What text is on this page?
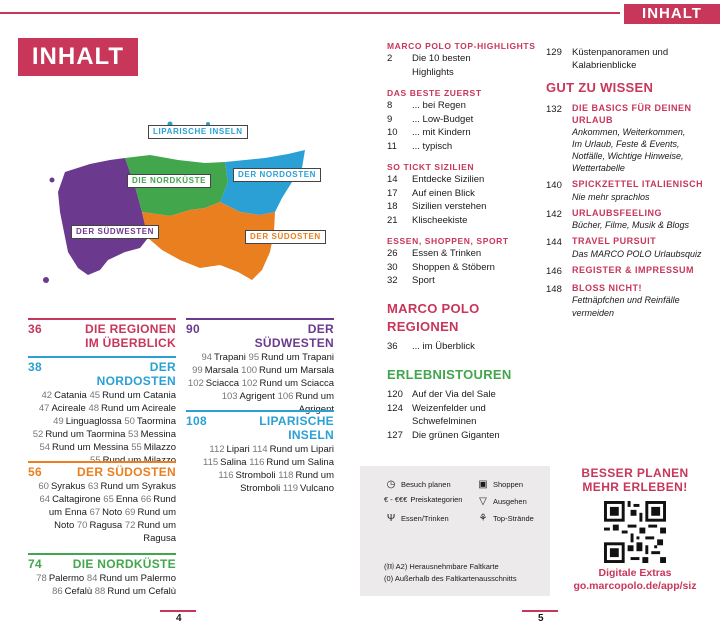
INHALT
INHALT
LIPARISCHE INSELN
DIE NORDKÜSTE
DER NORDOSTEN
DER SÜDWESTEN
DER SÜDOSTEN
36	DIE REGIONEN IM ÜBERBLICK
38	DER NORDOSTEN
42 Catania 45 Rund um Catania
47 Acireale 48 Rund um Acireale
49 Linguaglossa 50 Taormina
52 Rund um Taormina 53 Messina
54 Rund um Messina 55 Milazzo
56	DER SÜDOSTEN
60 Syrakus 63 Rund um Syrakus
64 Caltagirone 65 Enna 66 Rund
um Enna 67 Noto 69 Rund um
Noto 70 Ragusa 72 Rund um
Ragusa
74	DIE NORDKÜSTE
78 Palermo 84 Rund um Palermo
86 Cefalù 88 Rund um Cefalù
90	DER SÜDWESTEN
94 Trapani 95 Rund um Trapani
99 Marsala 100 Rund um Marsala
102 Sciacca 102 Rund um Sciacca
103 Agrigent 106 Rund um
108	LIPARISCHE INSELN
112 Lipari 114 Rund um Lipari
115 Salina 116 Rund um Salina
116 Stromboli 118 Rund um
Stromboli 119 Vulcano
4
MARCO POLO TOP-HIGHLIGHTS
2	Die 10 besten
Highlights
DAS BESTE ZUERST
8	... bei Regen
9	... Low-Budget
10	... mit Kindern
11	... typisch
SO TICKT SIZILIEN
14	Entdecke Sizilien
17	Auf einen Blick
18	Sizilien verstehen
21	Klischeekiste
ESSEN, SHOPPEN, SPORT
26	Essen & Trinken
30	Shoppen & Stöbern
32	Sport
MARCO POLO REGIONEN
36	... im Überblick
ERLEBNISTOUREN
120 Auf der Via del Sale
124 Weizenfelder und
Schwefelminen
127 Die grünen Giganten
129	Küstenpanoramen und
Kalabrienblicke
GUT ZU WISSEN
132	DIE BASICS FÜR DEINEN
URLAUB
Ankommen, Weiterkommen,
Im Urlaub, Feste & Events,
Notfälle, Wichtige Hinweise,
Wettertabelle
140	SPICKZETTEL ITALIENISCH
Nie mehr sprachlos
142	URLAUBSFEELING
Bücher, Filme, Musik & Blogs
144	TRAVEL PURSUIT
Das MARCO POLO Urlaubsquiz
146	REGISTER & IMPRESSUM
148	BLOSS NICHT!
Fettnäpfchen und Reinfälle
vermeiden
◷ Besuch planen	▣ Shoppen
€ - €€€ Preiskategorien	▽ Ausgehen
Ψ Essen/Trinken	⚘ Top-Strände
(⒨ A2) Herausnehmbare Faltkarte
(0) Außerhalb des Faltkartenausschnitts
BESSER PLANEN
MEHR ERLEBEN!
Digitale Extras
go.marcopolo.de/app/siz
5
